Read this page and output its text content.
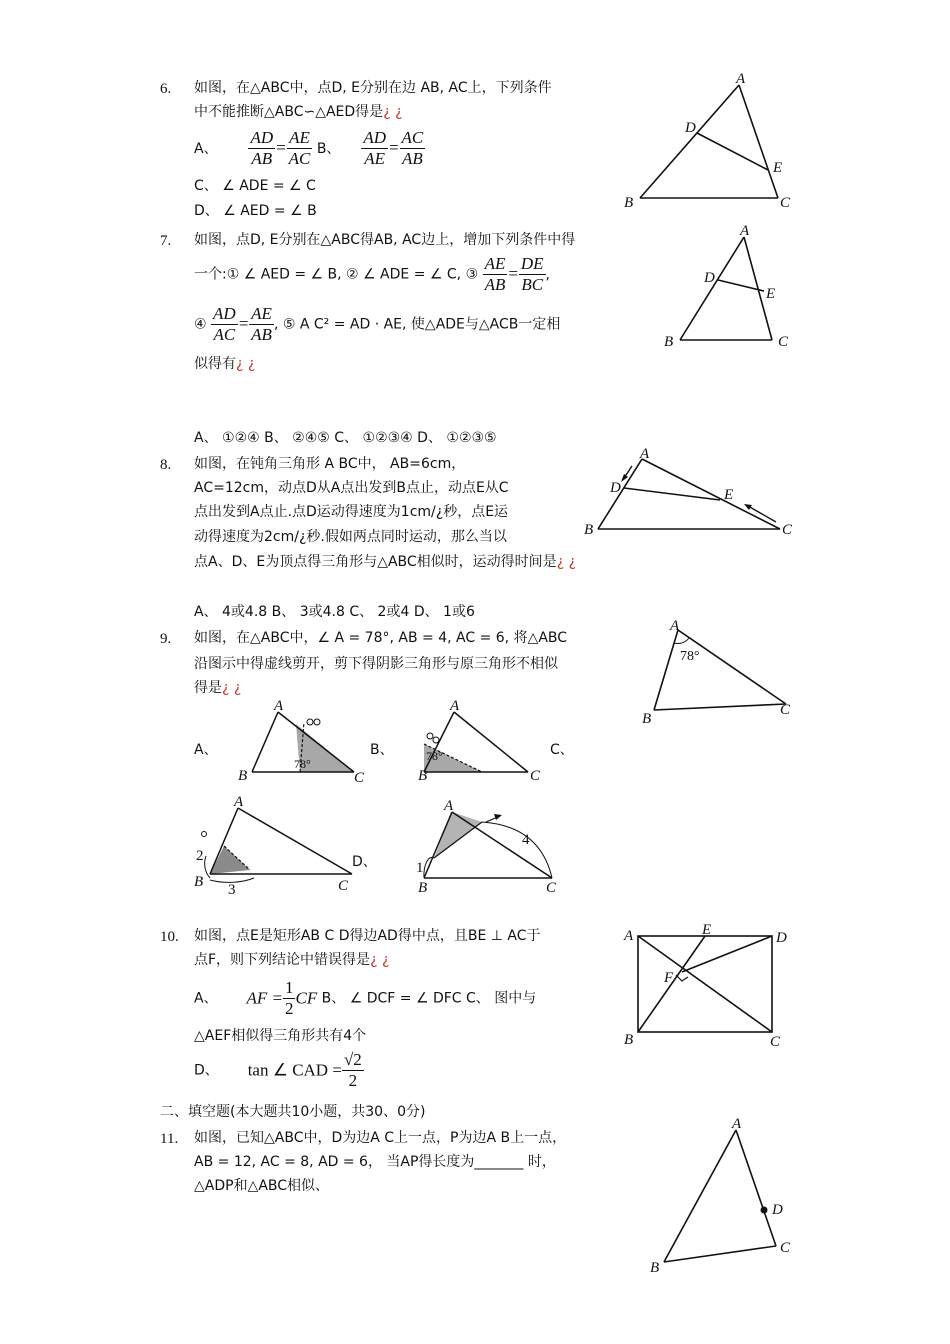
6. 如图，在△ABC中，点D, E分别在边 AB, AC上，下列条件
中不能推断△ABC∽△AED得是¿ ¿
A、 $\frac{AD}{AB} = \frac{AE}{AC}$ B、 $\frac{AD}{AE} = \frac{AC}{AB}$
C、 ∠ ADE = ∠ C
D、 ∠ AED = ∠ B
A
B	C
D
E
7. 如图，点D, E分别在△ABC得AB, AC边上，增加下列条件中得
一个:① ∠ AED = ∠ B, ② ∠ ADE = ∠ C, ③ $\frac{AE}{AB} = \frac{DE}{BC}$ ,
④ $\frac{AD}{AC} = \frac{AE}{AB}$ , ⑤ A C² = AD · AE, 使△ADE与△ACB一定相
似得有¿ ¿
A、 ①②④ B、 ②④⑤ C、 ①②③④ D、 ①②③⑤
A
B	C
D
E
8. 如图，在钝角三角形 A BC中， AB=6cm，
AC=12cm，动点D从A点出发到B点止，动点E从C
点出发到A点止.点D运动得速度为1cm/¿秒，点E运
动得速度为2cm/¿秒.假如两点同时运动，那么当以
点A、D、E为顶点得三角形与△ABC相似时，运动得时间是¿ ¿
A、 4或4.8 B、 3或4.8 C、 2或4 D、 1或6
A
B	C
D	E
9. 如图，在△ABC中，∠ A = 78°, AB = 4, AC = 6, 将△ABC
沿图示中得虚线剪开，剪下得阴影三角形与原三角形不相似
得是¿ ¿
A
B
C
78°
A、
A
B	C
78°
B、
A
B	C
78°	C、
A
B	C
2
3
D、
A
B	C
1
4
10. 如图，点E是矩形AB C D得边AD得中点，且BE ⊥ AC于
点F，则下列结论中错误得是¿ ¿
A、 AF = $\frac{1}{2}$ CF B、 ∠ DCF = ∠ DFC C、 图中与
△AEF相似得三角形共有4个
D、 tan ∠ CAD = $\frac{√2}{2}$
A
B	C
D
E
F
二、填空题(本大题共10小题，共30、0分)
11. 如图，已知△ABC中，D为边A C上一点，P为边A B上一点，
AB = 12, AC = 8, AD = 6， 当AP得长度为_______ 时，
△ADP和△ABC相似、
A
B
C
D
